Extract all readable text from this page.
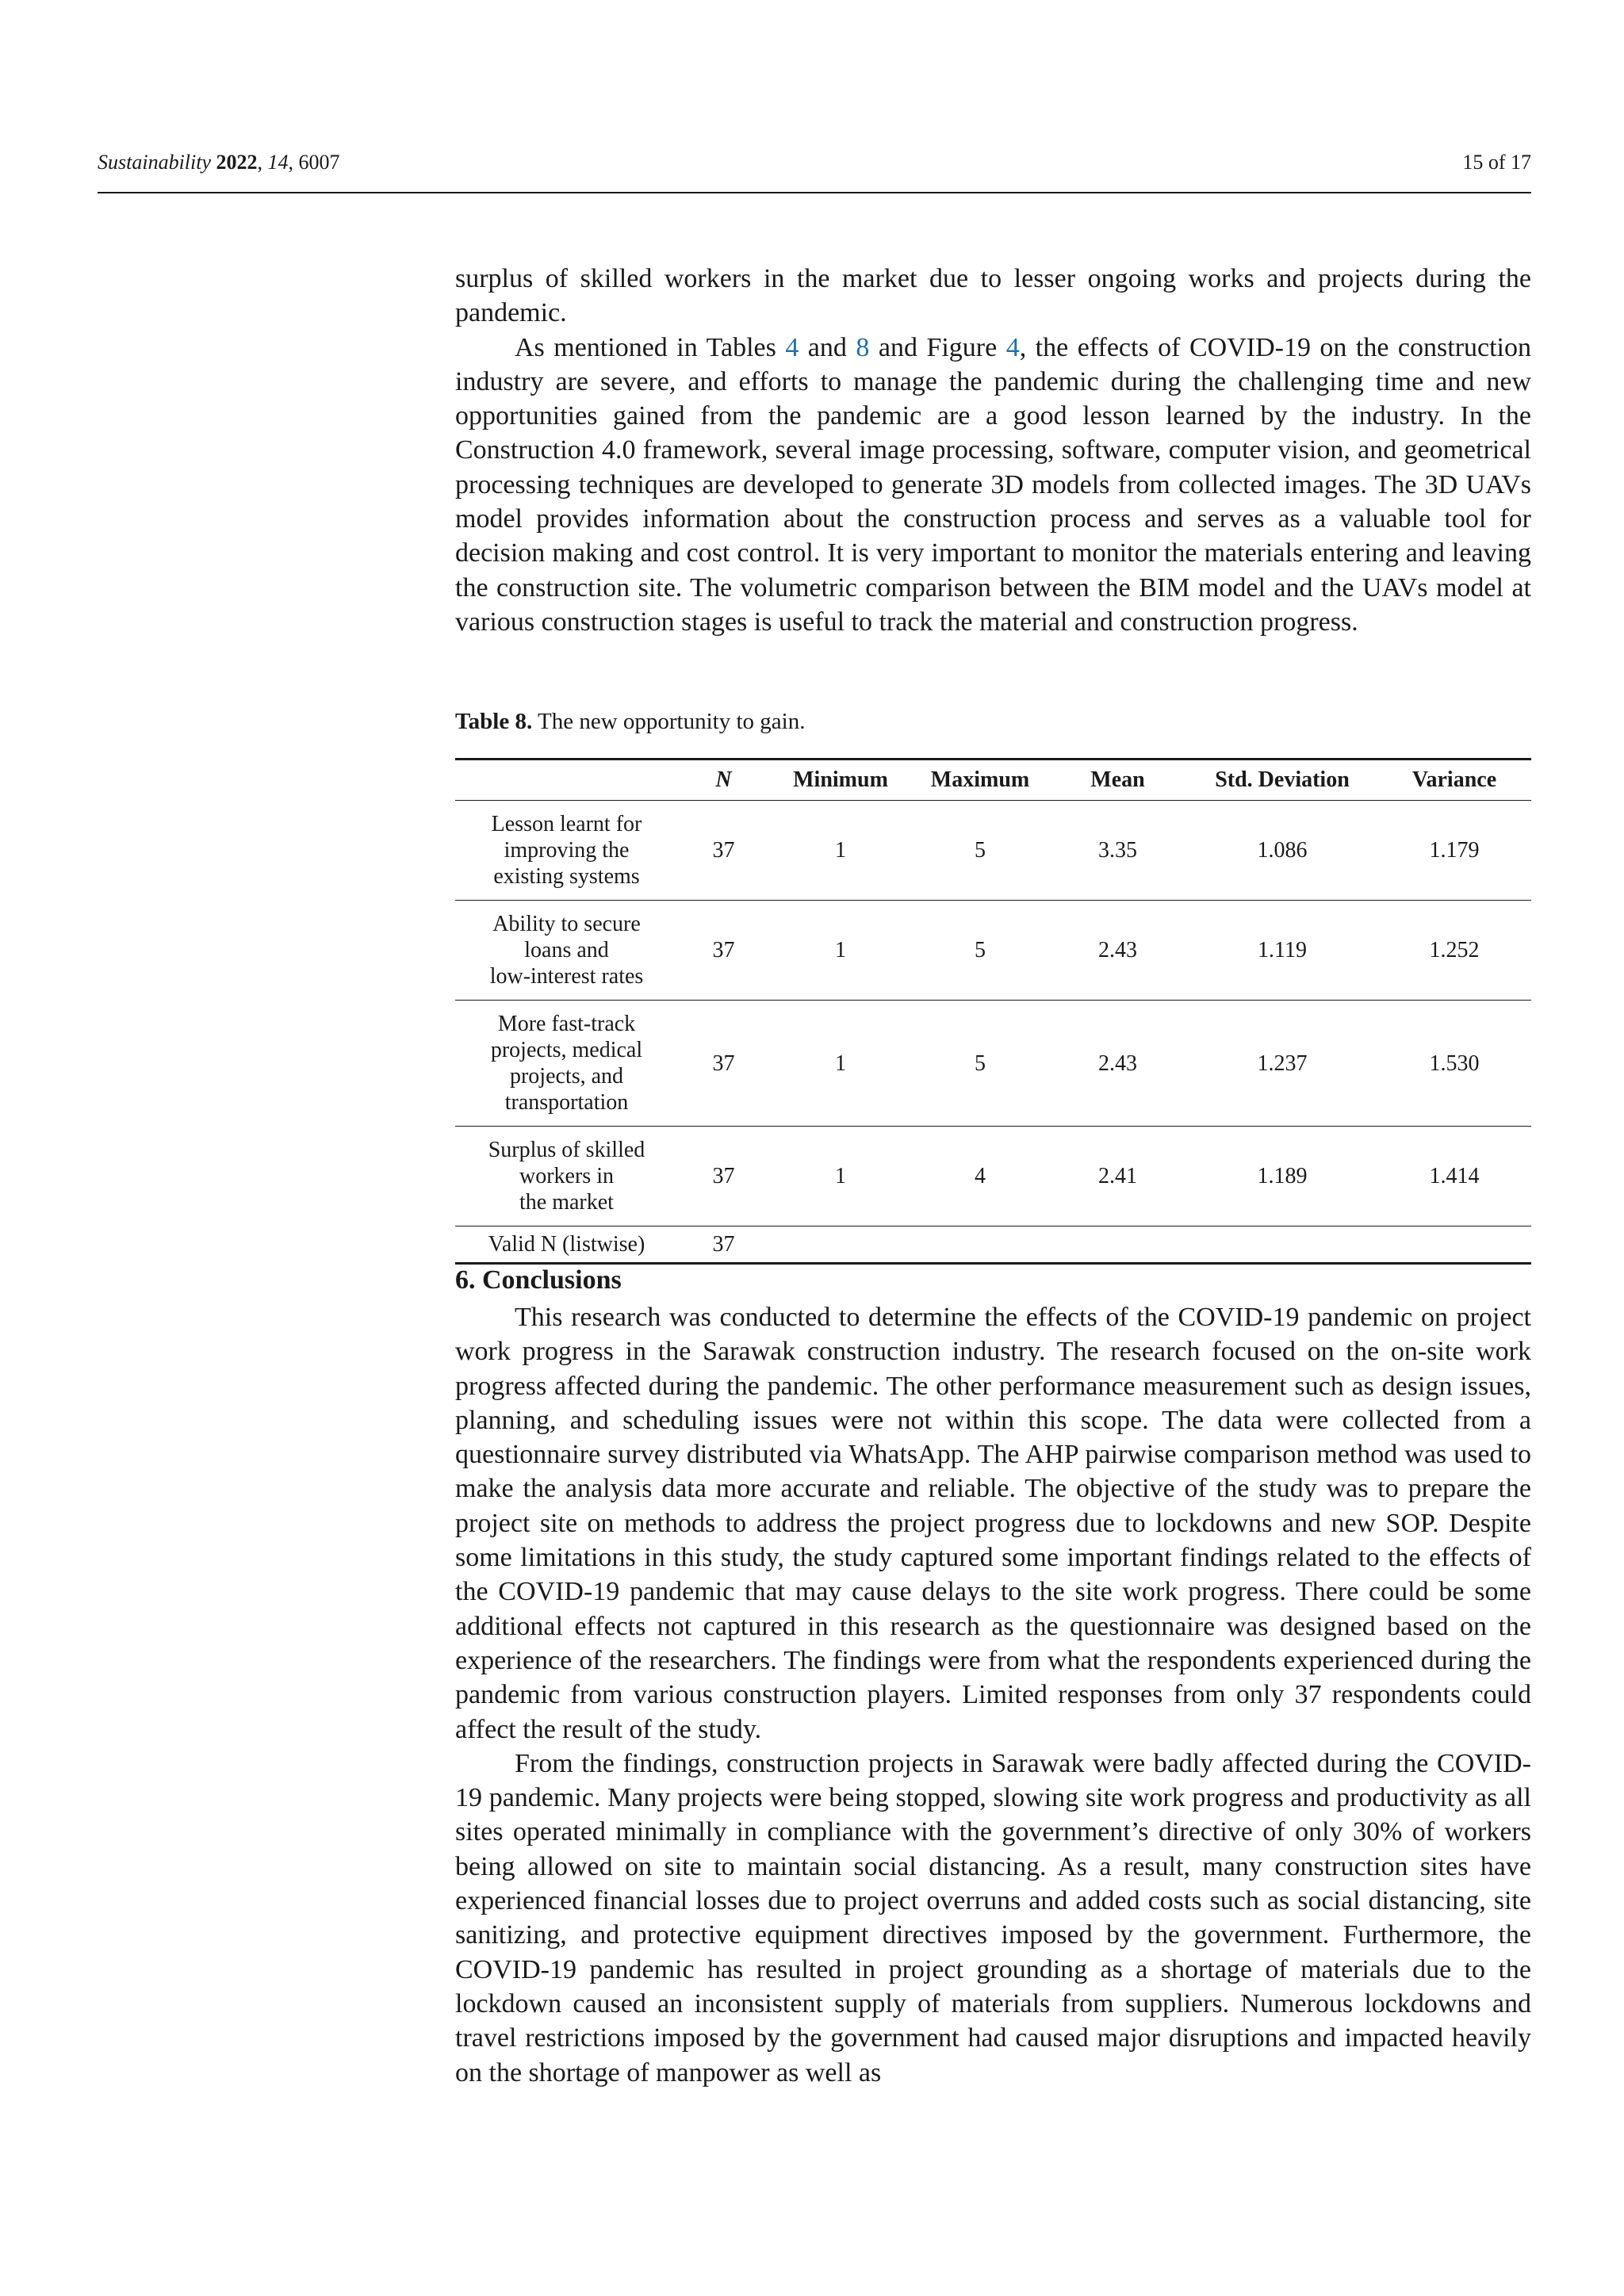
Sustainability 2022, 14, 6007	15 of 17

surplus of skilled workers in the market due to lesser ongoing works and projects during the pandemic.

As mentioned in Tables 4 and 8 and Figure 4, the effects of COVID-19 on the construction industry are severe, and efforts to manage the pandemic during the challenging time and new opportunities gained from the pandemic are a good lesson learned by the industry. In the Construction 4.0 framework, several image processing, software, computer vision, and geometrical processing techniques are developed to generate 3D models from collected images. The 3D UAVs model provides information about the construction process and serves as a valuable tool for decision making and cost control. It is very important to monitor the materials entering and leaving the construction site. The volumetric comparison between the BIM model and the UAVs model at various construction stages is useful to track the material and construction progress.

Table 8. The new opportunity to gain.
	N	Minimum	Maximum	Mean	Std. Deviation	Variance
Lesson learnt for
improving the
existing systems	37	1	5	3.35	1.086	1.179
Ability to secure
loans and
low-interest rates	37	1	5	2.43	1.119	1.252
More fast-track
projects, medical
projects, and
transportation	37	1	5	2.43	1.237	1.530
Surplus of skilled
workers in
the market	37	1	4	2.41	1.189	1.414
Valid N (listwise)	37					
6. Conclusions

This research was conducted to determine the effects of the COVID-19 pandemic on project work progress in the Sarawak construction industry. The research focused on the on-site work progress affected during the pandemic. The other performance measurement such as design issues, planning, and scheduling issues were not within this scope. The data were collected from a questionnaire survey distributed via WhatsApp. The AHP pairwise comparison method was used to make the analysis data more accurate and reliable. The objective of the study was to prepare the project site on methods to address the project progress due to lockdowns and new SOP. Despite some limitations in this study, the study captured some important findings related to the effects of the COVID-19 pandemic that may cause delays to the site work progress. There could be some additional effects not captured in this research as the questionnaire was designed based on the experience of the researchers. The findings were from what the respondents experienced during the pandemic from various construction players. Limited responses from only 37 respondents could affect the result of the study.

From the findings, construction projects in Sarawak were badly affected during the COVID-19 pandemic. Many projects were being stopped, slowing site work progress and productivity as all sites operated minimally in compliance with the government’s directive of only 30% of workers being allowed on site to maintain social distancing. As a result, many construction sites have experienced financial losses due to project overruns and added costs such as social distancing, site sanitizing, and protective equipment directives imposed by the government. Furthermore, the COVID-19 pandemic has resulted in project grounding as a shortage of materials due to the lockdown caused an inconsistent supply of materials from suppliers. Numerous lockdowns and travel restrictions imposed by the government had caused major disruptions and impacted heavily on the shortage of manpower as well as
